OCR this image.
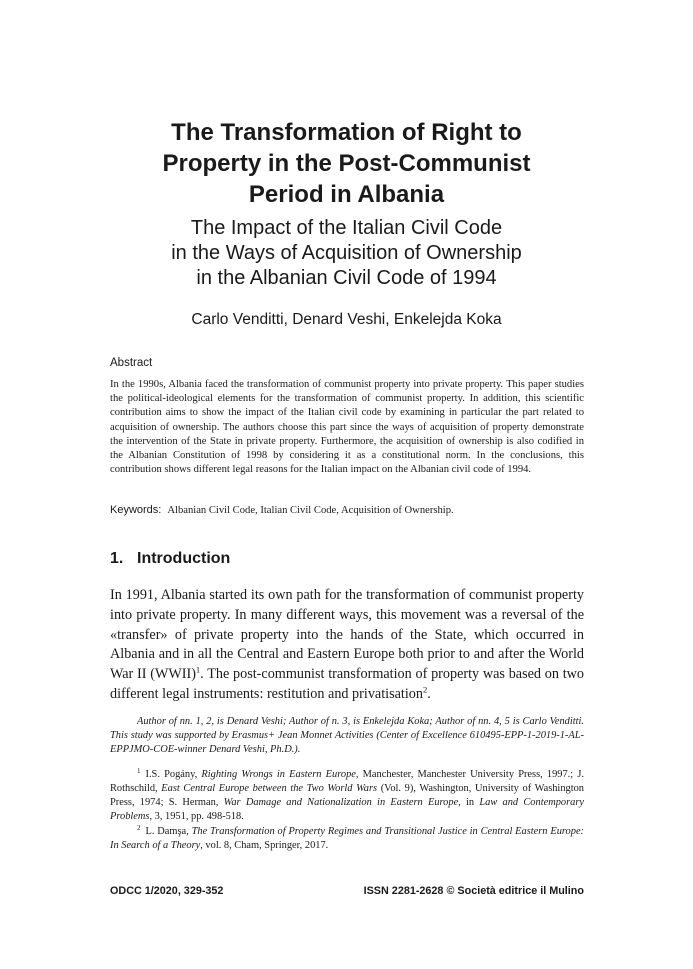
The Transformation of Right to
Property in the Post-Communist
Period in Albania
The Impact of the Italian Civil Code
in the Ways of Acquisition of Ownership
in the Albanian Civil Code of 1994
Carlo Venditti, Denard Veshi, Enkelejda Koka
Abstract
In the 1990s, Albania faced the transformation of communist property into private property. This paper studies the political-ideological elements for the transformation of communist property. In addition, this scientific contribution aims to show the impact of the Italian civil code by examining in particular the part related to acquisition of ownership. The authors choose this part since the ways of acquisition of property demonstrate the intervention of the State in private property. Furthermore, the acquisition of ownership is also codified in the Albanian Constitution of 1998 by considering it as a constitutional norm. In the conclusions, this contribution shows different legal reasons for the Italian impact on the Albanian civil code of 1994.
Keywords: Albanian Civil Code, Italian Civil Code, Acquisition of Ownership.
1. Introduction
In 1991, Albania started its own path for the transformation of communist property into private property. In many different ways, this movement was a reversal of the «transfer» of private property into the hands of the State, which occurred in Albania and in all the Central and Eastern Europe both prior to and after the World War II (WWII)$^1$. The post-communist transformation of property was based on two different legal instruments: restitution and privatisation$^2$.
Author of nn. 1, 2, is Denard Veshi; Author of n. 3, is Enkelejda Koka; Author of nn. 4, 5 is Carlo Venditti. This study was supported by Erasmus+ Jean Monnet Activities (Center of Excellence 610495-EPP-1-2019-1-AL-EPPJMO-COE-winner Denard Veshi, Ph.D.).

$^1$ I.S. Pogány, Righting Wrongs in Eastern Europe, Manchester, Manchester University Press, 1997.; J. Rothschild, East Central Europe between the Two World Wars (Vol. 9), Washington, University of Washington Press, 1974; S. Herman, War Damage and Nationalization in Eastern Europe, in Law and Contemporary Problems, 3, 1951, pp. 498-518.

$^2$ L. Damşa, The Transformation of Property Regimes and Transitional Justice in Central Eastern Europe: In Search of a Theory, vol. 8, Cham, Springer, 2017.

ODCC 1/2020, 329-352	ISSN 2281-2628 © Società editrice il Mulino
